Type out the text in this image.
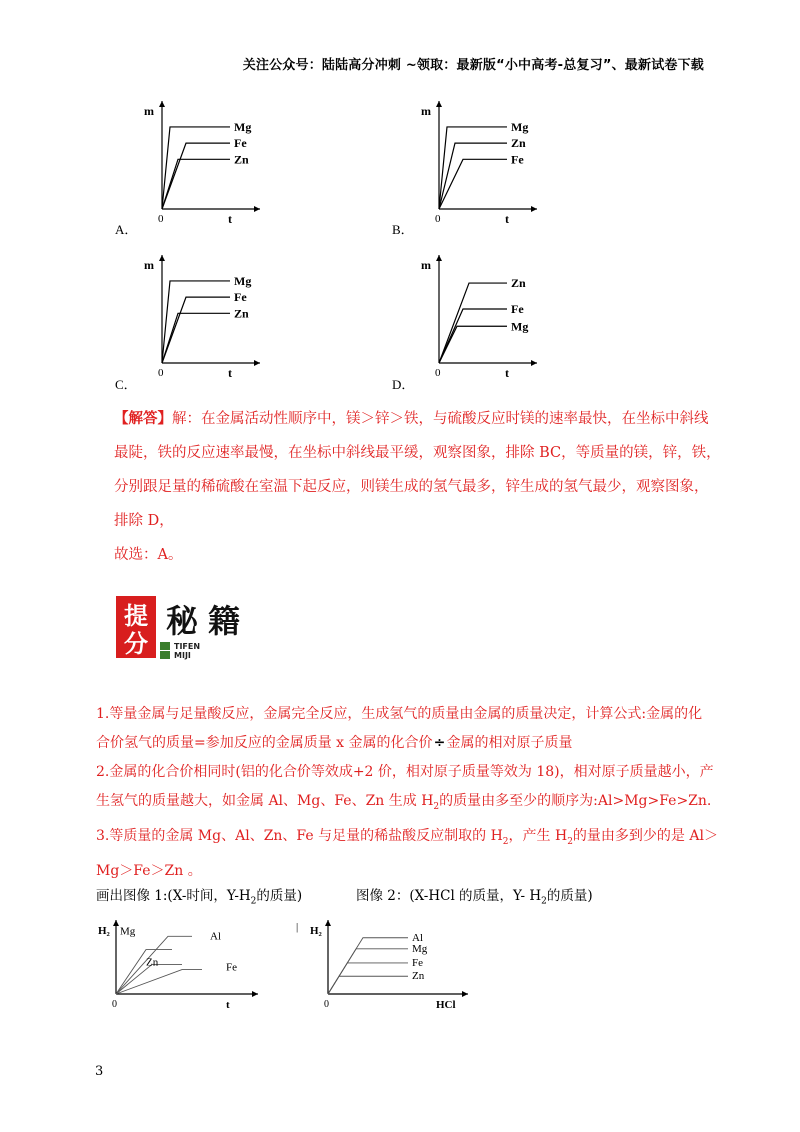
关注公众号：陆陆高分冲刺 ~领取：最新版“小中高考-总复习”、最新试卷下载
m
t
0
Mg
Fe
Zn
A．
m
t
0
Mg
Zn
Fe
B．
m
t
0
Mg
Fe
Zn
C．
m
t
0
Zn
Fe
Mg
D．
【解答】解：在金属活动性顺序中，镁＞锌＞铁，与硫酸反应时镁的速率最快，在坐标中斜线
最陡，铁的反应速率最慢，在坐标中斜线最平缓，观察图象，排除 BC，等质量的镁，锌，铁，
分别跟足量的稀硫酸在室温下起反应，则镁生成的氢气最多，锌生成的氢气最少，观察图象，
排除 D，
故选：A。
提
分
秘 籍
TIFEN
MIJI
1.等量金属与足量酸反应，金属完全反应，生成氢气的质量由金属的质量决定，计算公式:金属的化
合价氢气的质量=参加反应的金属质量 x 金属的化合价÷金属的相对原子质量
2.金属的化合价相同时(铝的化合价等效成+2 价，相对原子质量等效为 18)，相对原子质量越小，产
生氢气的质量越大，如金属 Al、Mg、Fe、Zn 生成 $H_2$的质量由多至少的顺序为:Al>Mg>Fe>Zn.
3.等质量的金属 Mg、Al、Zn、Fe 与足量的稀盐酸反应制取的 $H_2$，产生 $H_2$的量由多到少的是 Al＞
Mg＞Fe＞Zn 。
画出图像 1:(X-时间，$Y-H_2$的质量)	图像 2：(X-HCl 的质量，Y- $H_2$的质量)
H₂
t
0
Al
Mg
Zn	Fe
H₂
HCl
0
|
Al
Mg
Fe
Zn
3
